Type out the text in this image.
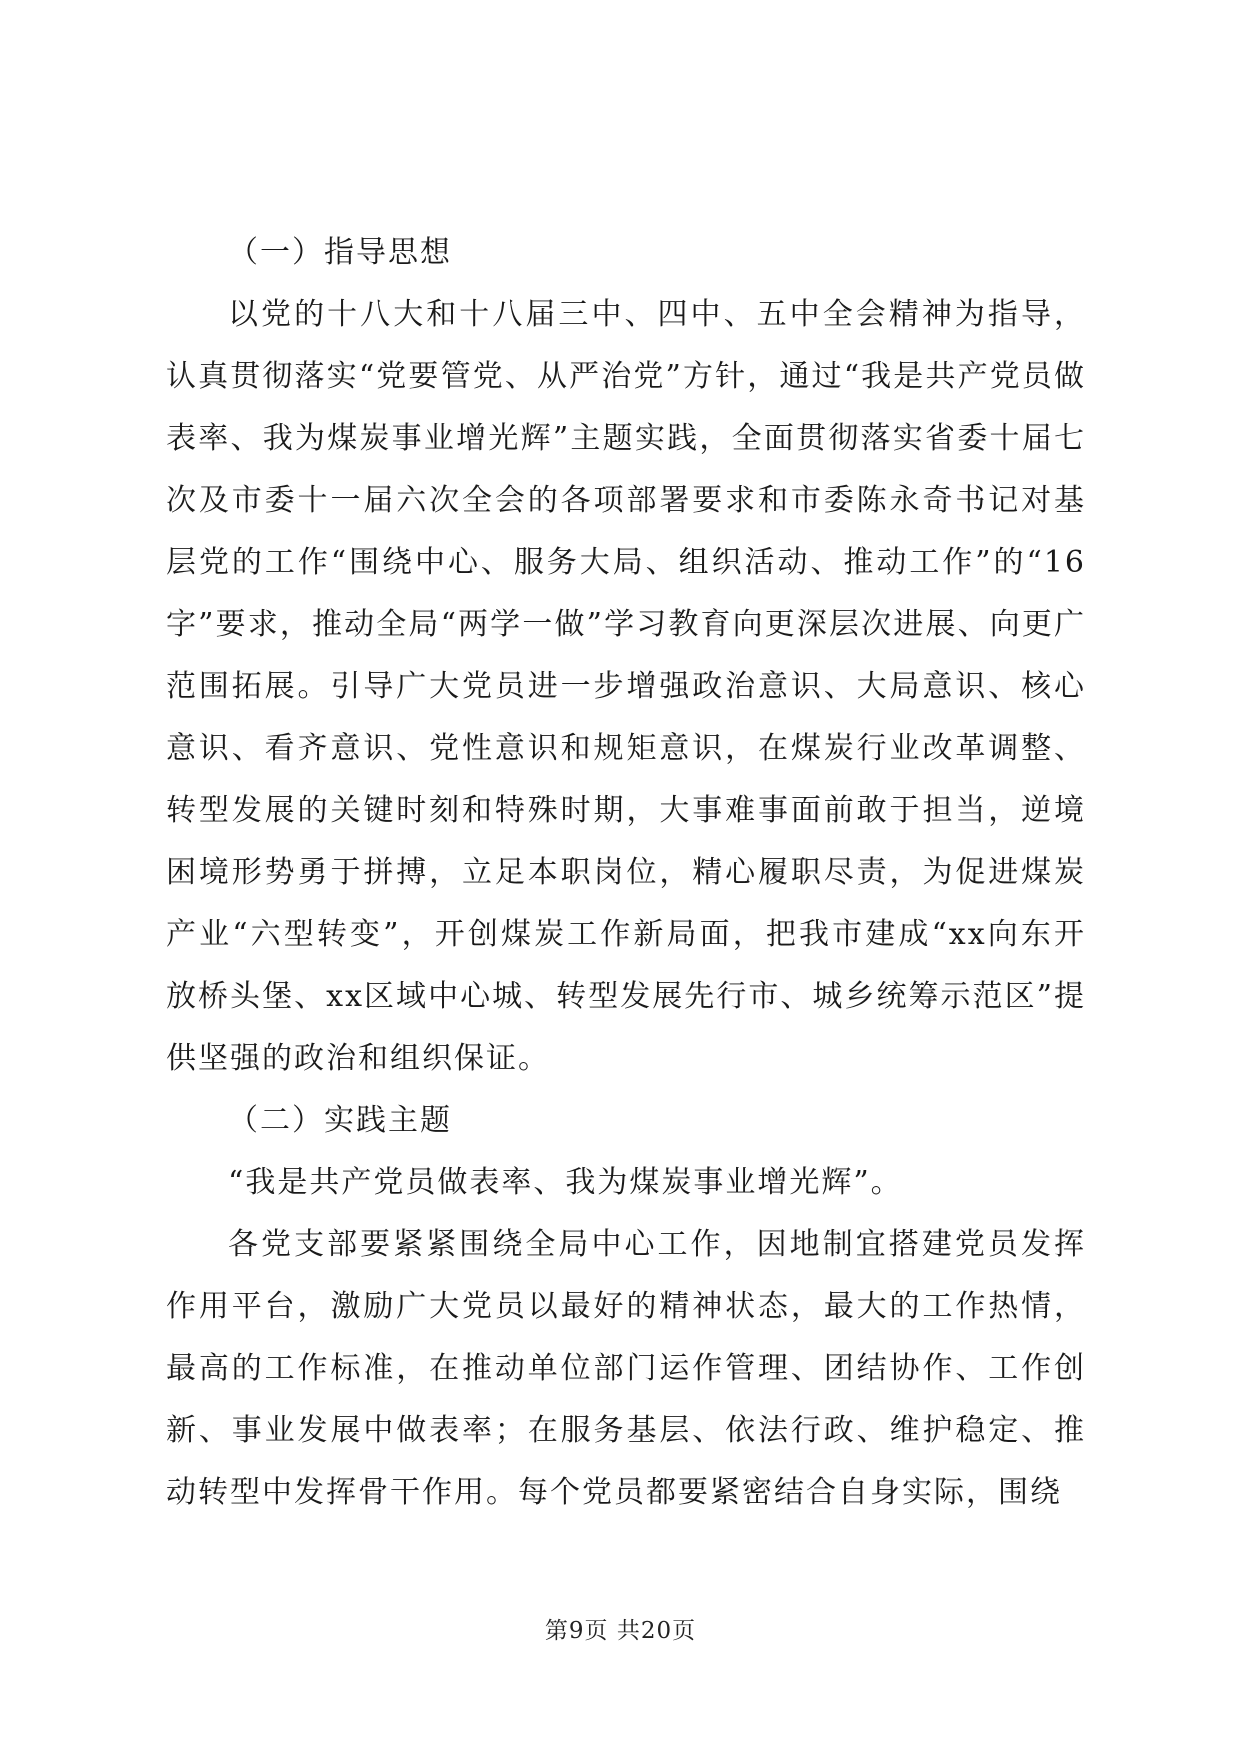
（一）指导思想

以党的十八大和十八届三中、四中、五中全会精神为指导，认真贯彻落实“党要管党、从严治党”方针，通过“我是共产党员做表率、我为煤炭事业增光辉”主题实践，全面贯彻落实省委十届七次及市委十一届六次全会的各项部署要求和市委陈永奇书记对基层党的工作“围绕中心、服务大局、组织活动、推动工作”的“16字”要求，推动全局“两学一做”学习教育向更深层次进展、向更广范围拓展。引导广大党员进一步增强政治意识、大局意识、核心意识、看齐意识、党性意识和规矩意识，在煤炭行业改革调整、转型发展的关键时刻和特殊时期，大事难事面前敢于担当，逆境困境形势勇于拼搏，立足本职岗位，精心履职尽责，为促进煤炭产业“六型转变”，开创煤炭工作新局面，把我市建成“xx向东开放桥头堡、xx区域中心城、转型发展先行市、城乡统筹示范区”提供坚强的政治和组织保证。

（二）实践主题

“我是共产党员做表率、我为煤炭事业增光辉”。

各党支部要紧紧围绕全局中心工作，因地制宜搭建党员发挥作用平台，激励广大党员以最好的精神状态，最大的工作热情，最高的工作标准，在推动单位部门运作管理、团结协作、工作创新、事业发展中做表率；在服务基层、依法行政、维护稳定、推动转型中发挥骨干作用。每个党员都要紧密结合自身实际，围绕

第9页 共20页
